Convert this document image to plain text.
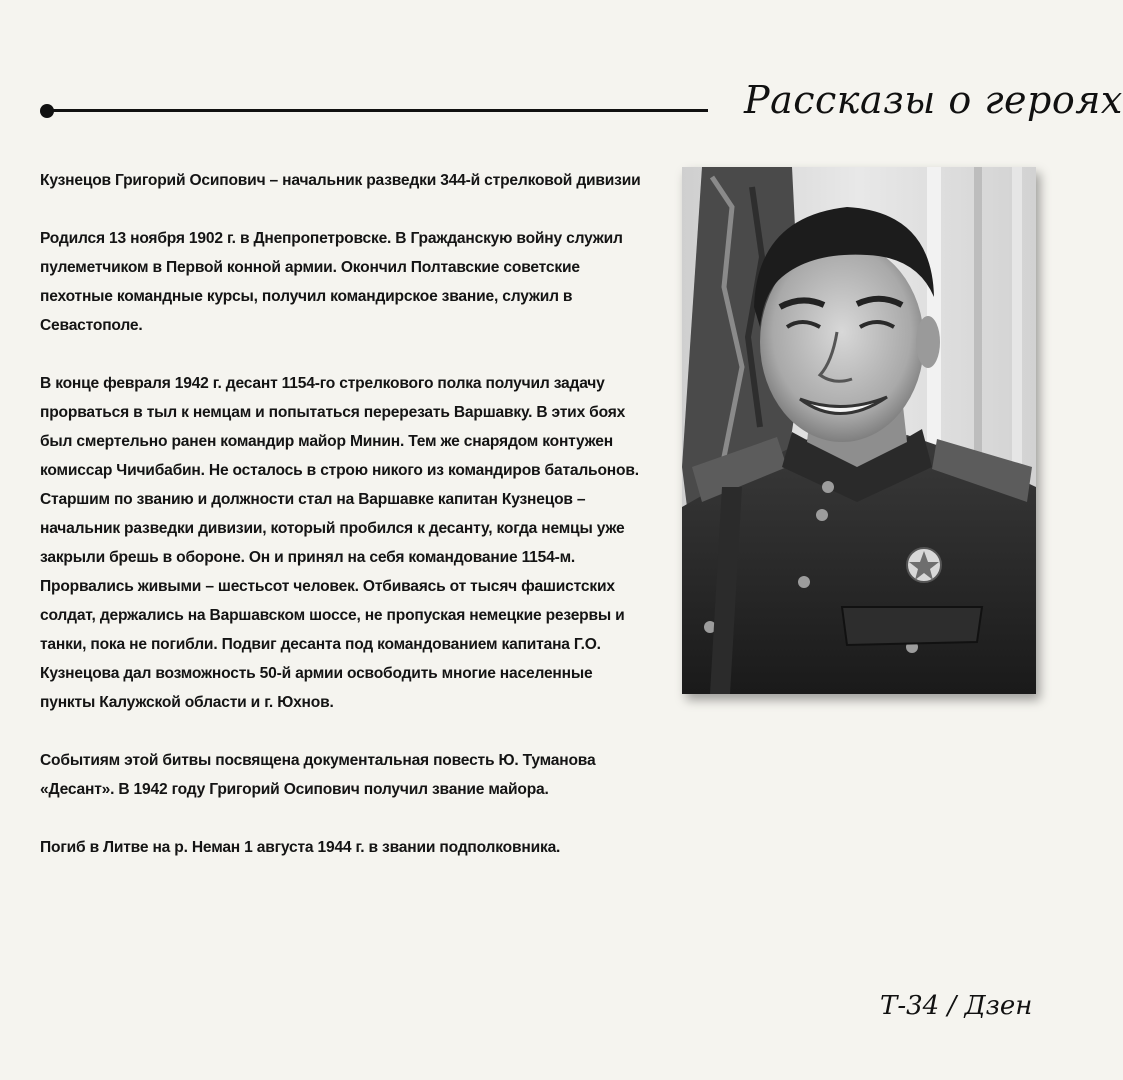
Рассказы о героях

Кузнецов Григорий Осипович – начальник разведки 344-й стрелковой дивизии

Родился 13 ноября 1902 г. в Днепропетровске. В Гражданскую войну служил пулеметчиком в Первой конной армии. Окончил Полтавские советские пехотные командные курсы, получил командирское звание, служил в Севастополе.

В конце февраля 1942 г. десант 1154-го стрелкового полка получил задачу прорваться в тыл к немцам и попытаться перерезать Варшавку. В этих боях был смертельно ранен командир майор Минин. Тем же снарядом контужен комиссар Чичибабин. Не осталось в строю никого из командиров батальонов. Старшим по званию и должности стал на Варшавке капитан Кузнецов – начальник разведки дивизии, который пробился к десанту, когда немцы уже закрыли брешь в обороне. Он и принял на себя командование 1154-м. Прорвались живыми – шестьсот человек. Отбиваясь от тысяч фашистских солдат, держались на Варшавском шоссе, не пропуская немецкие резервы и танки, пока не погибли. Подвиг десанта под командованием капитана Г.О. Кузнецова дал возможность 50-й армии освободить многие населенные пункты Калужской области и г. Юхнов.

Событиям этой битвы посвящена документальная повесть Ю. Туманова «Десант». В 1942 году Григорий Осипович получил звание майора.

Погиб в Литве на р. Неман 1 августа 1944 г. в звании подполковника.

Т-34 / Дзен
